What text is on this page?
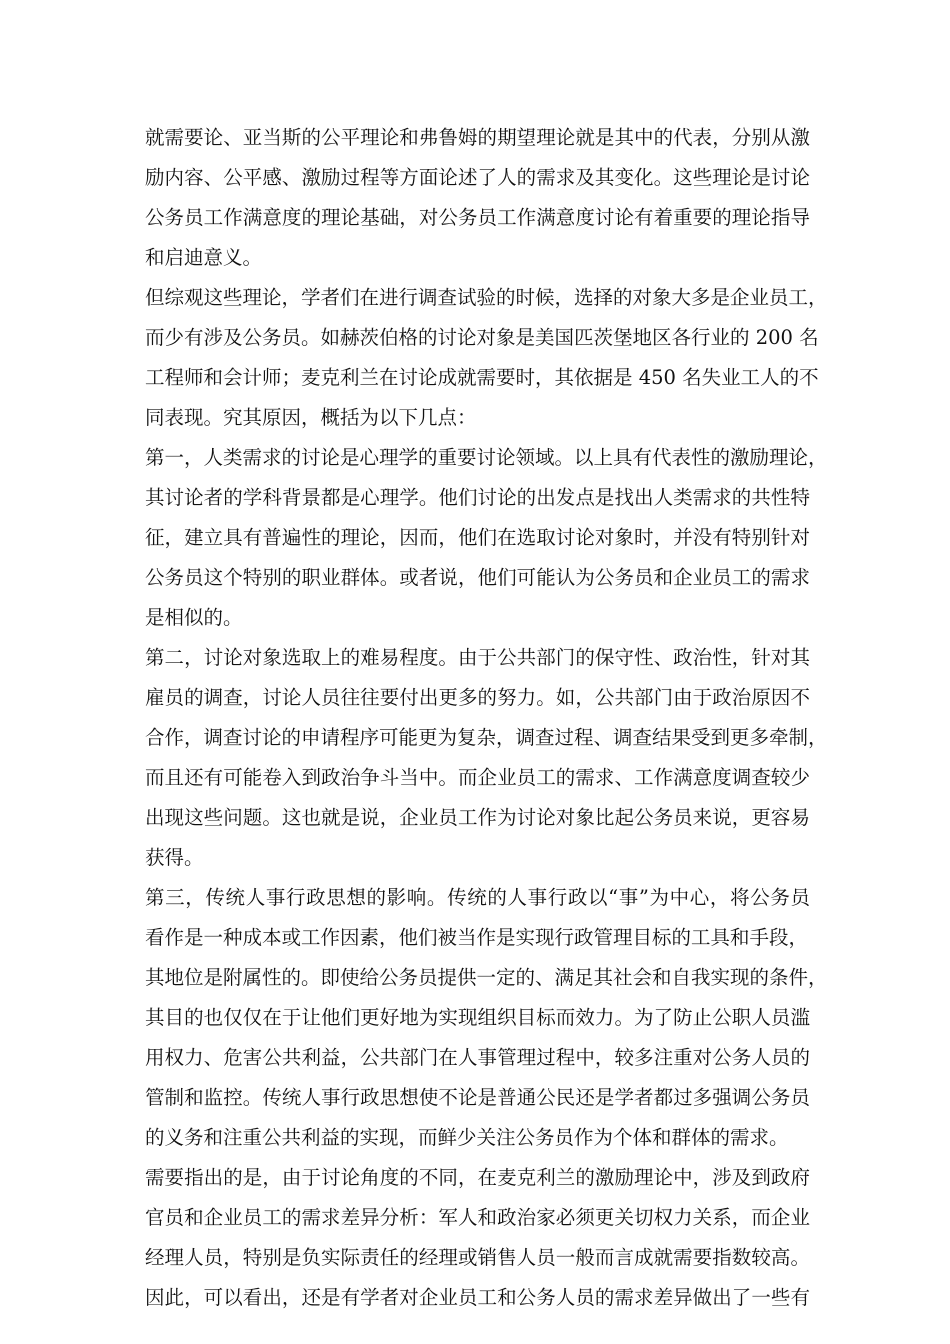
就需要论、亚当斯的公平理论和弗鲁姆的期望理论就是其中的代表，分别从激
励内容、公平感、激励过程等方面论述了人的需求及其变化。这些理论是讨论
公务员工作满意度的理论基础，对公务员工作满意度讨论有着重要的理论指导
和启迪意义。
但综观这些理论，学者们在进行调查试验的时候，选择的对象大多是企业员工，
而少有涉及公务员。如赫茨伯格的讨论对象是美国匹茨堡地区各行业的 200 名
工程师和会计师；麦克利兰在讨论成就需要时，其依据是 450 名失业工人的不
同表现。究其原因，概括为以下几点：
第一，人类需求的讨论是心理学的重要讨论领域。以上具有代表性的激励理论，
其讨论者的学科背景都是心理学。他们讨论的出发点是找出人类需求的共性特
征，建立具有普遍性的理论，因而，他们在选取讨论对象时，并没有特别针对
公务员这个特别的职业群体。或者说，他们可能认为公务员和企业员工的需求
是相似的。
第二，讨论对象选取上的难易程度。由于公共部门的保守性、政治性，针对其
雇员的调查，讨论人员往往要付出更多的努力。如，公共部门由于政治原因不
合作，调查讨论的申请程序可能更为复杂，调查过程、调查结果受到更多牵制，
而且还有可能卷入到政治争斗当中。而企业员工的需求、工作满意度调查较少
出现这些问题。这也就是说，企业员工作为讨论对象比起公务员来说，更容易
获得。
第三，传统人事行政思想的影响。传统的人事行政以“事”为中心，将公务员
看作是一种成本或工作因素，他们被当作是实现行政管理目标的工具和手段，
其地位是附属性的。即使给公务员提供一定的、满足其社会和自我实现的条件，
其目的也仅仅在于让他们更好地为实现组织目标而效力。为了防止公职人员滥
用权力、危害公共利益，公共部门在人事管理过程中，较多注重对公务人员的
管制和监控。传统人事行政思想使不论是普通公民还是学者都过多强调公务员
的义务和注重公共利益的实现，而鲜少关注公务员作为个体和群体的需求。
需要指出的是，由于讨论角度的不同，在麦克利兰的激励理论中，涉及到政府
官员和企业员工的需求差异分析：军人和政治家必须更关切权力关系，而企业
经理人员，特别是负实际责任的经理或销售人员一般而言成就需要指数较高。
因此，可以看出，还是有学者对企业员工和公务人员的需求差异做出了一些有
